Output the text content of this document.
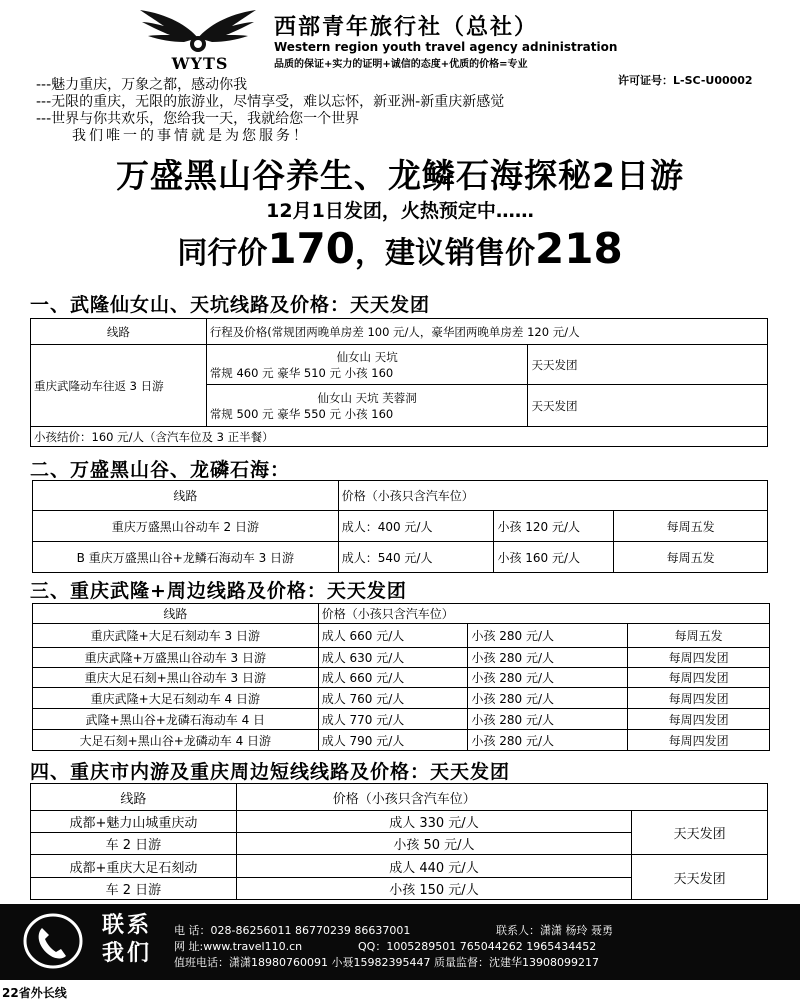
WYTS
西部青年旅行社（总社）
Western region youth travel agency adninistration
品质的保证+实力的证明+诚信的态度+优质的价格=专业
许可证号：L-SC-U00002
---魅力重庆，万象之都，感动你我
---无限的重庆，无限的旅游业，尽情享受，难以忘怀，新亚洲-新重庆新感觉
---世界与你共欢乐，您给我一天，我就给您一个世界
我们唯一的事情就是为您服务！
万盛黑山谷养生、龙鳞石海探秘2日游
12月1日发团，火热预定中……
同行价170，建议销售价218
一、武隆仙女山、天坑线路及价格：天天发团
线路	行程及价格(常规团两晚单房差 100 元/人，豪华团两晚单房差 120 元/人	
重庆武隆动车往返 3 日游	仙女山 天坑
常规 460 元 豪华 510 元 小孩 160	天天发团

	仙女山 天坑 芙蓉洞
常规 500 元 豪华 550 元 小孩 160	天天发团
小孩结价：160 元/人（含汽车位及 3 正半餐）		
二、万盛黑山谷、龙磷石海：
线路	价格（小孩只含汽车位）		
重庆万盛黑山谷动车 2 日游	成人：400 元/人	小孩 120 元/人	每周五发
B 重庆万盛黑山谷+龙鳞石海动车 3 日游	成人：540 元/人	小孩 160 元/人	每周五发
三、重庆武隆+周边线路及价格：天天发团
线路	价格（小孩只含汽车位）		
重庆武隆+大足石刻动车 3 日游	成人 660 元/人	小孩 280 元/人	每周五发
重庆武隆+万盛黑山谷动车 3 日游	成人 630 元/人	小孩 280 元/人	每周四发团
重庆大足石刻+黑山谷动车 3 日游	成人 660 元/人	小孩 280 元/人	每周四发团
重庆武隆+大足石刻动车 4 日游	成人 760 元/人	小孩 280 元/人	每周四发团
武隆+黑山谷+龙磷石海动车 4 日	成人 770 元/人	小孩 280 元/人	每周四发团
大足石刻+黑山谷+龙磷动车 4 日游	成人 790 元/人	小孩 280 元/人	每周四发团
四、重庆市内游及重庆周边短线线路及价格：天天发团
线路	价格（小孩只含汽车位）	
成都+魅力山城重庆动	成人 330 元/人	天天发团
车 2 日游	小孩 50 元/人	
成都+重庆大足石刻动	成人 440 元/人	天天发团
车 2 日游	小孩 150 元/人	
联系
我们
电 话：028-86256011 86770239 86637001	联系人：潇潇 杨玲 聂勇
网 址:www.travel110.cn	QQ：1005289501 765044262 1965434452
值班电话：潇潇18980760091 小聂15982395447 质量监督：沈建华13908099217
22省外长线
